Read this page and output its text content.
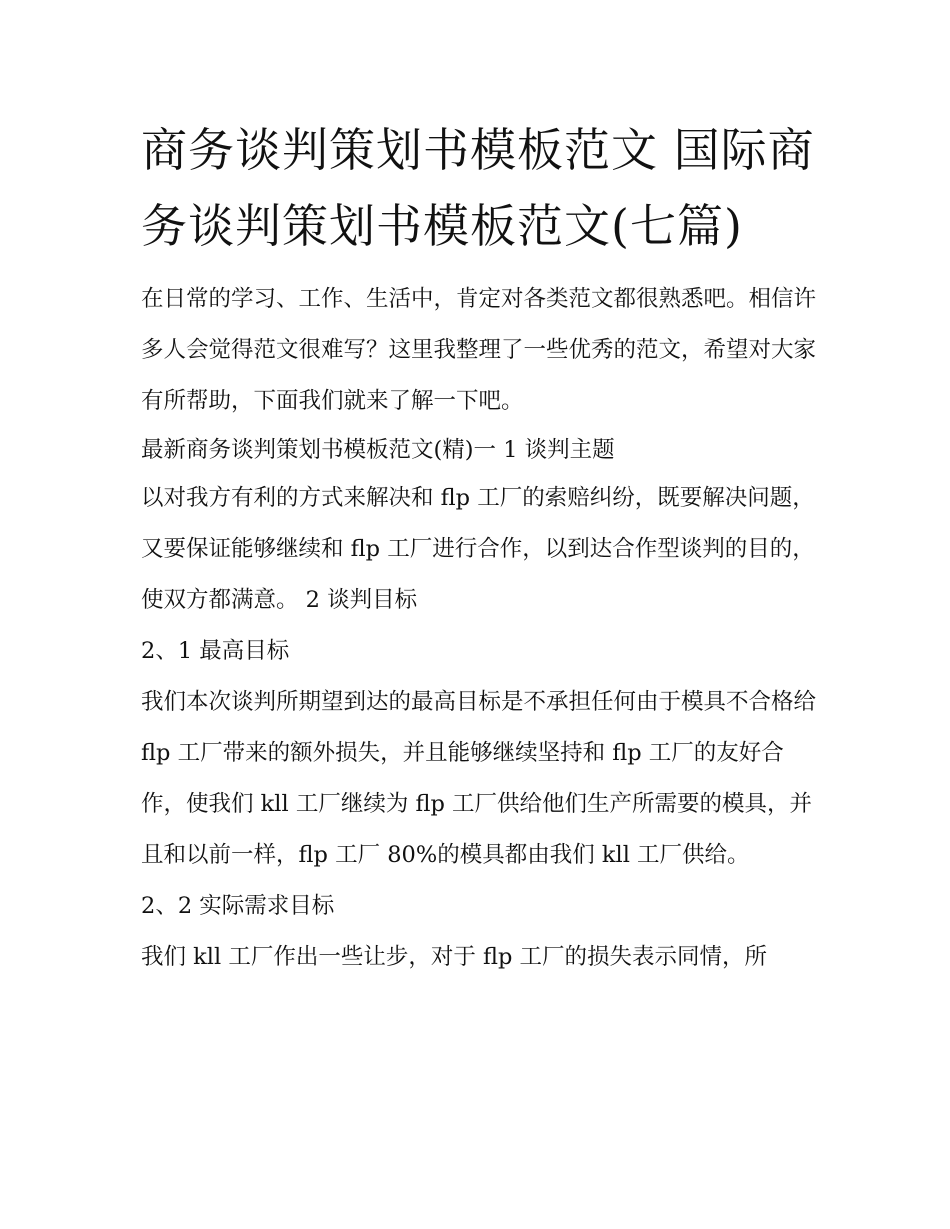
商务谈判策划书模板范文 国际商务谈判策划书模板范文(七篇)

在日常的学习、工作、生活中，肯定对各类范文都很熟悉吧。相信许多人会觉得范文很难写？这里我整理了一些优秀的范文，希望对大家有所帮助，下面我们就来了解一下吧。

最新商务谈判策划书模板范文(精)一 1 谈判主题

以对我方有利的方式来解决和 flp 工厂的索赔纠纷，既要解决问题，又要保证能够继续和 flp 工厂进行合作，以到达合作型谈判的目的，使双方都满意。 2 谈判目标

2、1 最高目标

我们本次谈判所期望到达的最高目标是不承担任何由于模具不合格给 flp 工厂带来的额外损失，并且能够继续坚持和 flp 工厂的友好合作，使我们 kll 工厂继续为 flp 工厂供给他们生产所需要的模具，并且和以前一样，flp 工厂 80%的模具都由我们 kll 工厂供给。

2、2 实际需求目标

我们 kll 工厂作出一些让步，对于 flp 工厂的损失表示同情，所
